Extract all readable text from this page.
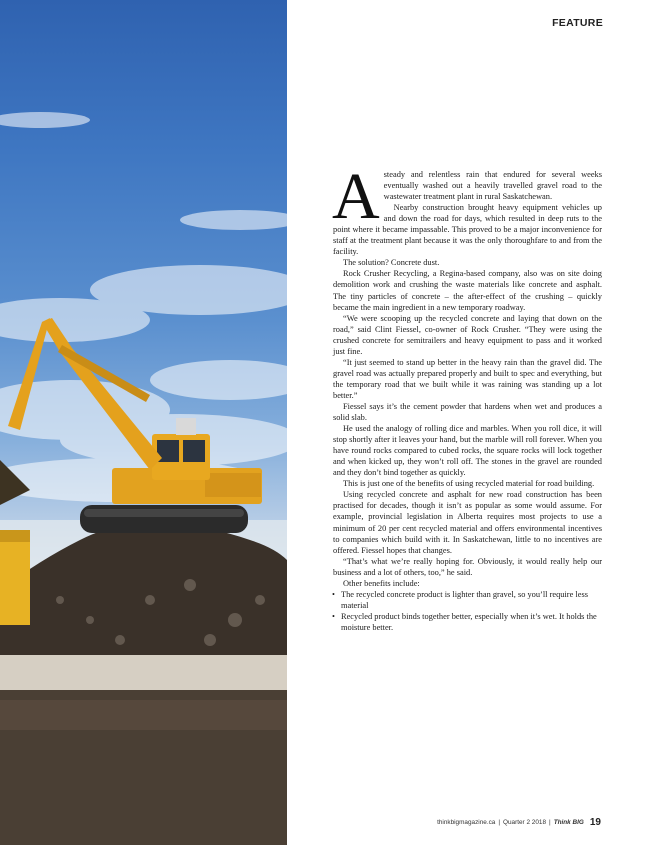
FEATURE

Asteady and relentless rain that endured for several weeks eventually washed out a heavily travelled gravel road to the wastewater treatment plant in rural Saskatchewan.

Nearby construction brought heavy equipment vehicles up and down the road for days, which resulted in deep ruts to the point where it became impassable. This proved to be a major inconvenience for staff at the treatment plant because it was the only thoroughfare to and from the facility.

The solution? Concrete dust.

Rock Crusher Recycling, a Regina-based company, also was on site doing demolition work and crushing the waste materials like concrete and asphalt. The tiny particles of concrete – the after-effect of the crushing – quickly became the main ingredient in a new temporary roadway.

“We were scooping up the recycled concrete and laying that down on the road,” said Clint Fiessel, co-owner of Rock Crusher. “They were using the crushed concrete for semitrailers and heavy equipment to pass and it worked just fine.

“It just seemed to stand up better in the heavy rain than the gravel did. The gravel road was actually prepared properly and built to spec and everything, but the temporary road that we built while it was raining was standing up a lot better.”

Fiessel says it’s the cement powder that hardens when wet and produces a solid slab.

He used the analogy of rolling dice and marbles. When you roll dice, it will stop shortly after it leaves your hand, but the marble will roll forever. When you have round rocks compared to cubed rocks, the square rocks will lock together and when kicked up, they won’t roll off. The stones in the gravel are rounded and they don’t bind together as quickly.

This is just one of the benefits of using recycled material for road building.

Using recycled concrete and asphalt for new road construction has been practised for decades, though it isn’t as popular as some would assume. For example, provincial legislation in Alberta requires most projects to use a minimum of 20 per cent recycled material and offers environmental incentives to companies which build with it. In Saskatchewan, little to no incentives are offered. Fiessel hopes that changes.

“That’s what we’re really hoping for. Obviously, it would really help our business and a lot of others, too,” he said.

Other benefits include:

• The recycled concrete product is lighter than gravel, so you’ll require less material
• Recycled product binds together better, especially when it’s wet. It holds the moisture better.
thinkbigmagazine.ca | Quarter 2 2018 | Think BIG 19
